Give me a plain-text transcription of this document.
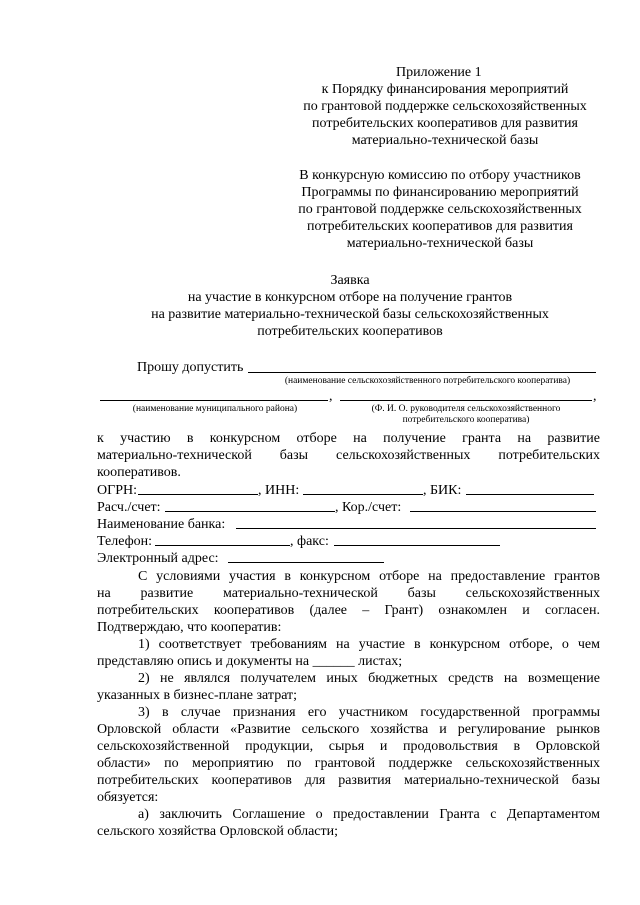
Приложение 1
к Порядку финансирования мероприятий
по грантовой поддержке сельскохозяйственных
потребительских кооперативов для развития
материально-технической базы
В конкурсную комиссию по отбору участников
Программы по финансированию мероприятий
по грантовой поддержке сельскохозяйственных
потребительских кооперативов для развития
материально-технической базы
Заявка
на участие в конкурсном отборе на получение грантов
на развитие материально-технической базы сельскохозяйственных
потребительских кооперативов
Прошу допустить
(наименование сельскохозяйственного потребительского кооператива)
,	,
(наименование муниципального района)	(Ф. И. О. руководителя сельскохозяйственного
потребительского кооператива)
к участию в конкурсном отборе на получение гранта на развитие
материально-технической базы сельскохозяйственных потребительских
кооперативов.
ОГРН:	, ИНН:	, БИК:
Расч./счет:	, Кор./счет:
Наименование банка:
Телефон:	, факс:
Электронный адрес:
С условиями участия в конкурсном отборе на предоставление грантов
на развитие материально-технической базы сельскохозяйственных
потребительских кооперативов (далее – Грант) ознакомлен и согласен.
Подтверждаю, что кооператив:
1) соответствует требованиям на участие в конкурсном отборе, о чем
представляю опись и документы на ______ листах;
2) не являлся получателем иных бюджетных средств на возмещение
указанных в бизнес-плане затрат;
3) в случае признания его участником государственной программы
Орловской области «Развитие сельского хозяйства и регулирование рынков
сельскохозяйственной продукции, сырья и продовольствия в Орловской
области» по мероприятию по грантовой поддержке сельскохозяйственных
потребительских кооперативов для развития материально-технической базы
обязуется:
а) заключить Соглашение о предоставлении Гранта с Департаментом
сельского хозяйства Орловской области;
